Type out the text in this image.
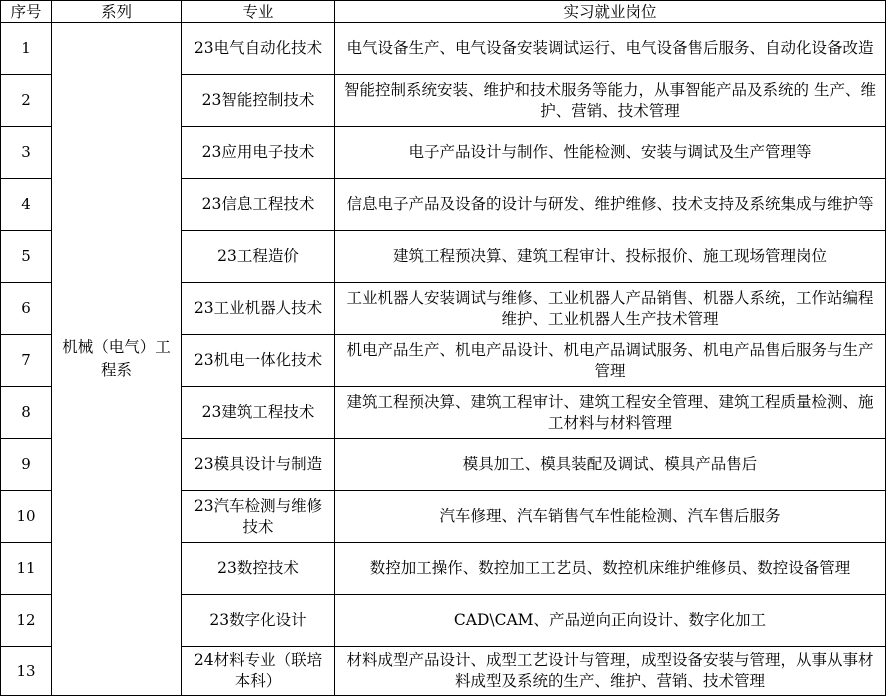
序号	系列	专业	实习就业岗位
1	机械（电气）工程系	23电气自动化技术	电气设备生产、电气设备安装调试运行、电气设备售后服务、自动化设备改造
2		23智能控制技术	智能控制系统安装、维护和技术服务等能力，从事智能产品及系统的 生产、维护、营销、技术管理
3		23应用电子技术	电子产品设计与制作、性能检测、安装与调试及生产管理等
4		23信息工程技术	信息电子产品及设备的设计与研发、维护维修、技术支持及系统集成与维护等
5		23工程造价	建筑工程预决算、建筑工程审计、投标报价、施工现场管理岗位
6		23工业机器人技术	工业机器人安装调试与维修、工业机器人产品销售、机器人系统，工作站编程维护、工业机器人生产技术管理
7		23机电一体化技术	机电产品生产、机电产品设计、机电产品调试服务、机电产品售后服务与生产管理
8		23建筑工程技术	建筑工程预决算、建筑工程审计、建筑工程安全管理、建筑工程质量检测、施工材料与材料管理
9		23模具设计与制造	模具加工、模具装配及调试、模具产品售后
10		23汽车检测与维修技术	汽车修理、汽车销售气车性能检测、汽车售后服务
11		23数控技术	数控加工操作、数控加工工艺员、数控机床维护维修员、数控设备管理
12		23数字化设计	CAD\CAM、产品逆向正向设计、数字化加工
13		24材料专业（联培本科）	材料成型产品设计、成型工艺设计与管理，成型设备安装与管理，从事从事材料成型及系统的生产、维护、营销、技术管理
